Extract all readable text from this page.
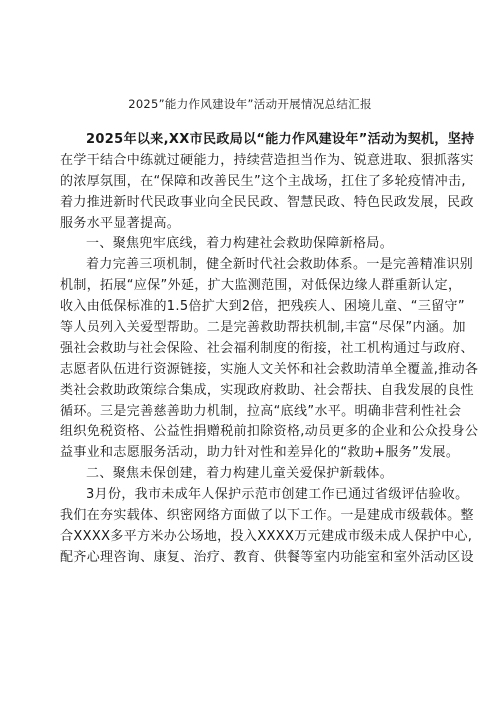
2025”能力作风建设年”活动开展情况总结汇报
2025年以来,XX市民政局以“能力作风建设年”活动为契机，坚持
在学干结合中练就过硬能力，持续营造担当作为、锐意进取、狠抓落实
的浓厚氛围，在“保障和改善民生”这个主战场，扛住了多轮疫情冲击,
着力推进新时代民政事业向全民民政、智慧民政、特色民政发展，民政
服务水平显著提高。
一、聚焦兜牢底线，着力构建社会救助保障新格局。
着力完善三项机制，健全新时代社会救助体系。一是完善精准识别
机制，拓展“应保”外延，扩大监测范围，对低保边缘人群重新认定，
收入由低保标准的1.5倍扩大到2倍，把残疾人、困境儿童、“三留守”
等人员列入关爱型帮助。二是完善救助帮扶机制,丰富“尽保”内涵。加
强社会救助与社会保险、社会福利制度的衔接，社工机构通过与政府、
志愿者队伍进行资源链接，实施人文关怀和社会救助清单全覆盖,推动各
类社会救助政策综合集成，实现政府救助、社会帮扶、自我发展的良性
循环。三是完善慈善助力机制，拉高“底线”水平。明确非营利性社会
组织免税资格、公益性捐赠税前扣除资格,动员更多的企业和公众投身公
益事业和志愿服务活动，助力针对性和差异化的“救助+服务”发展。
二、聚焦未保创建，着力构建儿童关爱保护新载体。
3月份，我市未成年人保护示范市创建工作已通过省级评估验收。
我们在夯实载体、织密网络方面做了以下工作。一是建成市级载体。整
合XXXX多平方米办公场地，投入XXXX万元建成市级未成人保护中心,
配齐心理咨询、康复、治疗、教育、供餐等室内功能室和室外活动区设
